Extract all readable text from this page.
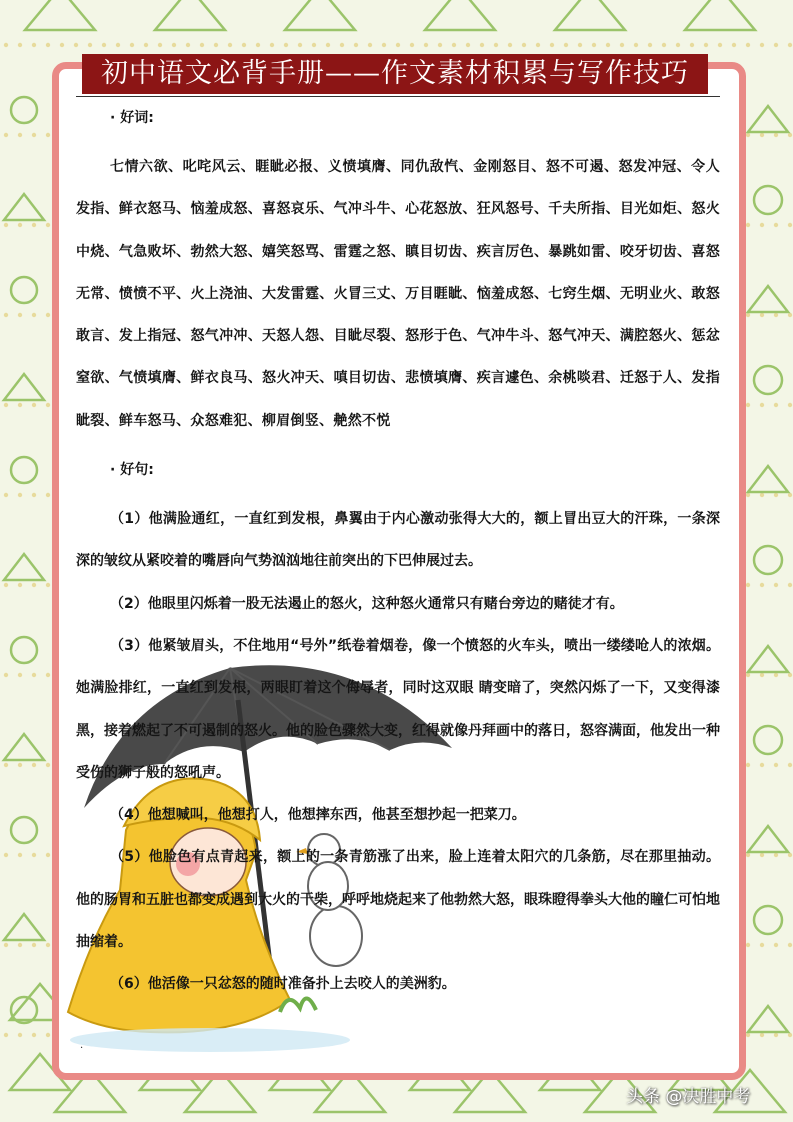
初中语文必背手册——作文素材积累与写作技巧
· 好词:

七情六欲、叱咤风云、睚眦必报、义愤填膺、同仇敌忾、金刚怒目、怒不可遏、怒发冲冠、令人发指、鲜衣怒马、恼羞成怒、喜怒哀乐、气冲斗牛、心花怒放、狂风怒号、千夫所指、目光如炬、怒火中烧、气急败坏、勃然大怒、嬉笑怒骂、雷霆之怒、瞋目切齿、疾言厉色、暴跳如雷、咬牙切齿、喜怒无常、愤愤不平、火上浇油、大发雷霆、火冒三丈、万目睚眦、恼羞成怒、七窍生烟、无明业火、敢怒敢言、发上指冠、怒气冲冲、天怒人怨、目眦尽裂、怒形于色、气冲牛斗、怒气冲天、满腔怒火、惩忿窒欲、气愤填膺、鲜衣良马、怒火冲天、嗔目切齿、悲愤填膺、疾言遽色、余桃啖君、迁怒于人、发指眦裂、鲜车怒马、众怒难犯、柳眉倒竖、艴然不悦

· 好句:

（1）他满脸通红，一直红到发根，鼻翼由于内心激动张得大大的，额上冒出豆大的汗珠，一条深深的皱纹从紧咬着的嘴唇向气势汹汹地往前突出的下巴伸展过去。

（2）他眼里闪烁着一股无法遏止的怒火，这种怒火通常只有赌台旁边的赌徒才有。

（3）他紧皱眉头，不住地用“号外”纸卷着烟卷，像一个愤怒的火车头，喷出一缕缕呛人的浓烟。她满脸排红，一直红到发根，两眼盯着这个侮辱者，同时这双眼 睛变暗了，突然闪烁了一下，又变得漆黑，接着燃起了不可遏制的怒火。他的脸色骤然大变，红得就像丹拜画中的落日，怒容满面，他发出一种受伤的狮子般的怒吼声。

（4）他想喊叫，他想打人，他想摔东西，他甚至想抄起一把菜刀。

（5）他脸色有点青起来，额上的一条青筋涨了出来，脸上连着太阳穴的几条筋，尽在那里抽动。他的肠胃和五脏也都变成遇到大火的干柴，呼呼地烧起来了他勃然大怒，眼珠瞪得拳头大他的瞳仁可怕地抽缩着。

（6）他活像一只忿怒的随时准备扑上去咬人的美洲豹。

.
头条 @决胜中考
